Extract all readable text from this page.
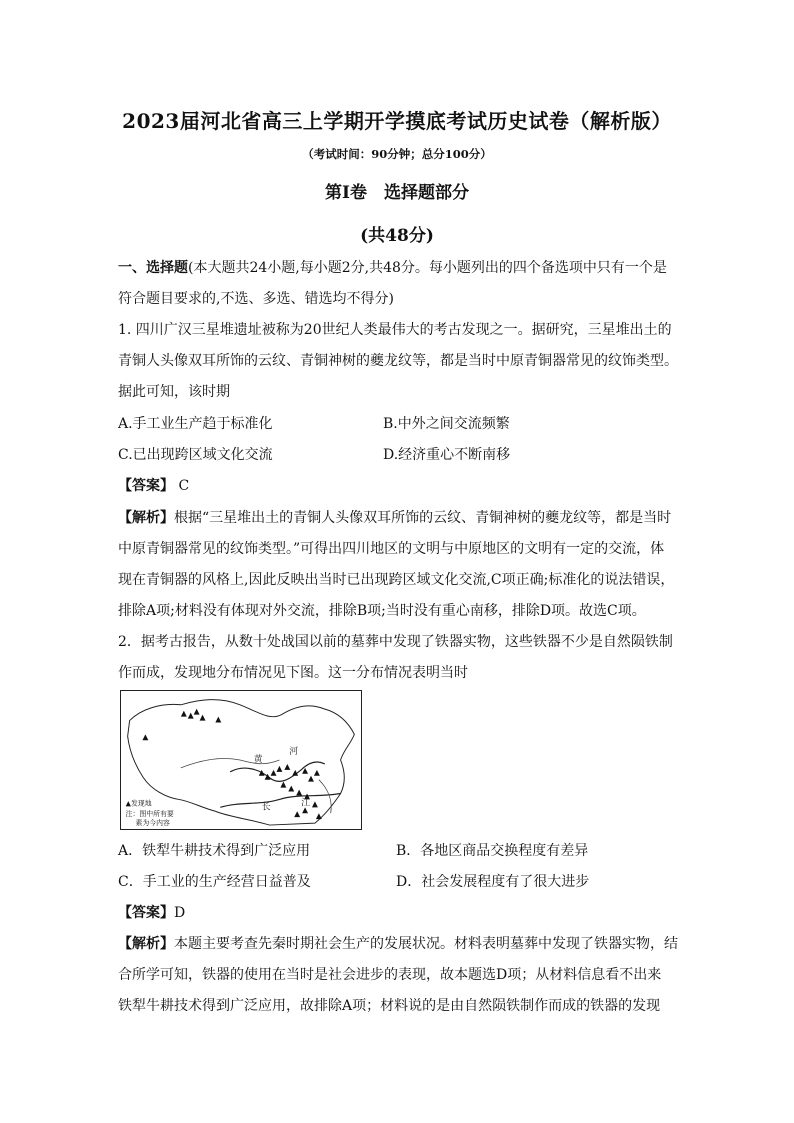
2023届河北省高三上学期开学摸底考试历史试卷（解析版）
（考试时间：90分钟；总分100分）
第Ⅰ卷　选择题部分
(共48分)
一、选择题(本大题共24小题,每小题2分,共48分。每小题列出的四个备选项中只有一个是
符合题目要求的,不选、多选、错选均不得分)
1. 四川广汉三星堆遗址被称为20世纪人类最伟大的考古发现之一。据研究，三星堆出土的
青铜人头像双耳所饰的云纹、青铜神树的夔龙纹等，都是当时中原青铜器常见的纹饰类型。
据此可知，该时期
A.手工业生产趋于标准化	B.中外之间交流频繁
C.已出现跨区域文化交流	D.经济重心不断南移
【答案】 C
【解析】根据“三星堆出土的青铜人头像双耳所饰的云纹、青铜神树的夔龙纹等，都是当时
中原青铜器常见的纹饰类型。”可得出四川地区的文明与中原地区的文明有一定的交流，体
现在青铜器的风格上,因此反映出当时已出现跨区域文化交流,C项正确;标准化的说法错误，
排除A项;材料没有体现对外交流，排除B项;当时没有重心南移，排除D项。故选C项。
2．据考古报告，从数十处战国以前的墓葬中发现了铁器实物，这些铁器不少是自然陨铁制
作而成，发现地分布情况见下图。这一分布情况表明当时
黄
河
长	江
▲发现地
注：图中所有要
素为今内容
A．铁犁牛耕技术得到广泛应用	B．各地区商品交换程度有差异
C．手工业的生产经营日益普及	D．社会发展程度有了很大进步
【答案】D
【解析】本题主要考查先秦时期社会生产的发展状况。材料表明墓葬中发现了铁器实物，结
合所学可知，铁器的使用在当时是社会进步的表现，故本题选D项；从材料信息看不出来
铁犁牛耕技术得到广泛应用，故排除A项；材料说的是由自然陨铁制作而成的铁器的发现
